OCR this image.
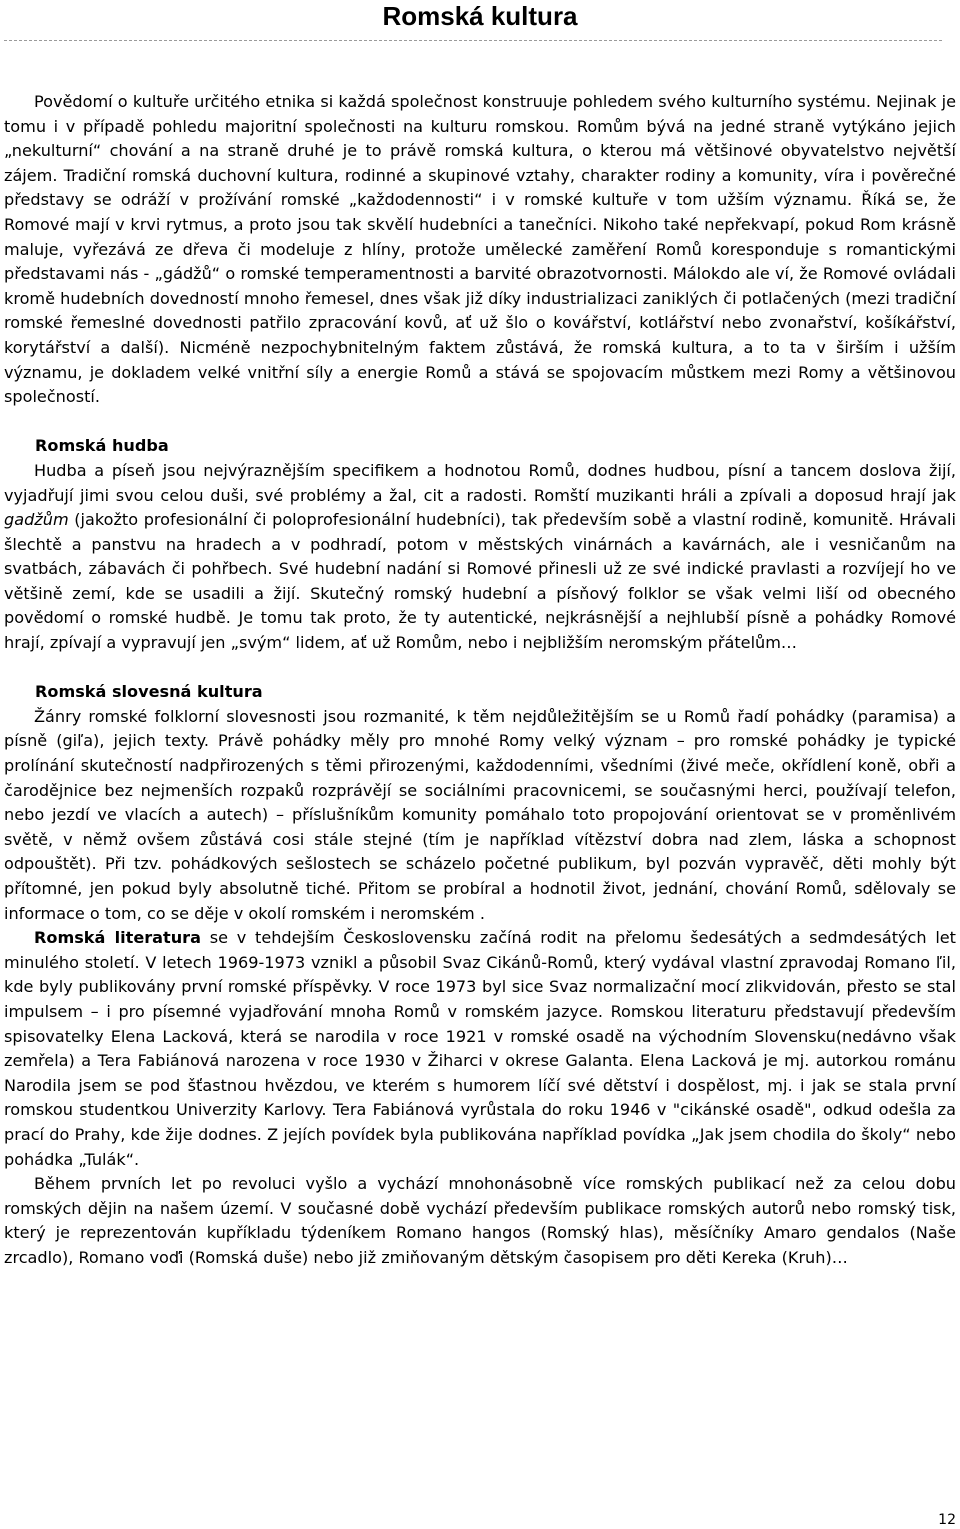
Romská kultura

Povědomí o kultuře určitého etnika si každá společnost konstruuje pohledem svého kulturního systému. Nejinak je tomu i v případě pohledu majoritní společnosti na kulturu romskou. Romům bývá na jedné straně vytýkáno jejich „nekulturní“ chování a na straně druhé je to právě romská kultura, o kterou má většinové obyvatelstvo největší zájem. Tradiční romská duchovní kultura, rodinné a skupinové vztahy, charakter rodiny a komunity, víra i pověrečné představy se odráží v prožívání romské „každodennosti“ i v romské kultuře v tom užším významu. Říká se, že Romové mají v krvi rytmus, a proto jsou tak skvělí hudebníci a tanečníci. Nikoho také nepřekvapí, pokud Rom krásně maluje, vyřezává ze dřeva či modeluje z hlíny, protože umělecké zaměření Romů koresponduje s romantickými představami nás - „gádžů“ o romské temperamentnosti a barvité obrazotvornosti. Málokdo ale ví, že Romové ovládali kromě hudebních dovedností mnoho řemesel, dnes však již díky industrializaci zaniklých či potlačených (mezi tradiční romské řemeslné dovednosti patřilo zpracování kovů, ať už šlo o kovářství, kotlářství nebo zvonařství, košíkářství, korytářství a další). Nicméně nezpochybnitelným faktem zůstává, že romská kultura, a to ta v širším i užším významu, je dokladem velké vnitřní síly a energie Romů a stává se spojovacím můstkem mezi Romy a většinovou společností.

Romská hudba

Hudba a píseň jsou nejvýraznějším specifikem a hodnotou Romů, dodnes hudbou, písní a tancem doslova žijí, vyjadřují jimi svou celou duši, své problémy a žal, cit a radosti. Romští muzikanti hráli a zpívali a doposud hrají jak gadžům (jakožto profesionální či poloprofesionální hudebníci), tak především sobě a vlastní rodině, komunitě. Hrávali šlechtě a panstvu na hradech a v podhradí, potom v městských vinárnách a kavárnách, ale i vesničanům na svatbách, zábavách či pohřbech. Své hudební nadání si Romové přinesli už ze své indické pravlasti a rozvíjejí ho ve většině zemí, kde se usadili a žijí. Skutečný romský hudební a písňový folklor se však velmi liší od obecného povědomí o romské hudbě. Je tomu tak proto, že ty autentické, nejkrásnější a nejhlubší písně a pohádky Romové hrají, zpívají a vypravují jen „svým“ lidem, ať už Romům, nebo i nejbližším neromským přátelům…

Romská slovesná kultura

Žánry romské folklorní slovesnosti jsou rozmanité, k těm nejdůležitějším se u Romů řadí pohádky (paramisa) a písně (giľa), jejich texty. Právě pohádky měly pro mnohé Romy velký význam – pro romské pohádky je typické prolínání skutečností nadpřirozených s těmi přirozenými, každodenními, všedními (živé meče, okřídlení koně, obři a čarodějnice bez nejmenších rozpaků rozprávějí se sociálními pracovnicemi, se současnými herci, používají telefon, nebo jezdí ve vlacích a autech) – příslušníkům komunity pomáhalo toto propojování orientovat se v proměnlivém světě, v němž ovšem zůstává cosi stále stejné (tím je například vítězství dobra nad zlem, láska a schopnost odpouštět). Při tzv. pohádkových sešlostech se scházelo početné publikum, byl pozván vypravěč, děti mohly být přítomné, jen pokud byly absolutně tiché. Přitom se probíral a hodnotil život, jednání, chování Romů, sdělovaly se informace o tom, co se děje v okolí romském i neromském .

Romská literatura se v tehdejším Československu začíná rodit na přelomu šedesátých a sedmdesátých let minulého století. V letech 1969-1973 vznikl a působil Svaz Cikánů-Romů, který vydával vlastní zpravodaj Romano ľil, kde byly publikovány první romské příspěvky. V roce 1973 byl sice Svaz normalizační mocí zlikvidován, přesto se stal impulsem – i pro písemné vyjadřování mnoha Romů v romském jazyce. Romskou literaturu představují především spisovatelky Elena Lacková, která se narodila v roce 1921 v romské osadě na východním Slovensku(nedávno však zemřela) a Tera Fabiánová narozena v roce 1930 v Žiharci v okrese Galanta. Elena Lacková je mj. autorkou románu Narodila jsem se pod šťastnou hvězdou, ve kterém s humorem líčí své dětství i dospělost, mj. i jak se stala první romskou studentkou Univerzity Karlovy. Tera Fabiánová vyrůstala do roku 1946 v "cikánské osadě", odkud odešla za prací do Prahy, kde žije dodnes. Z jejích povídek byla publikována například povídka „Jak jsem chodila do školy“ nebo pohádka „Tulák“.

Během prvních let po revoluci vyšlo a vychází mnohonásobně více romských publikací než za celou dobu romských dějin na našem území. V současné době vychází především publikace romských autorů nebo romský tisk, který je reprezentován kupříkladu týdeníkem Romano hangos (Romský hlas), měsíčníky Amaro gendalos (Naše zrcadlo), Romano voďi (Romská duše) nebo již zmiňovaným dětským časopisem pro děti Kereka (Kruh)…

12
